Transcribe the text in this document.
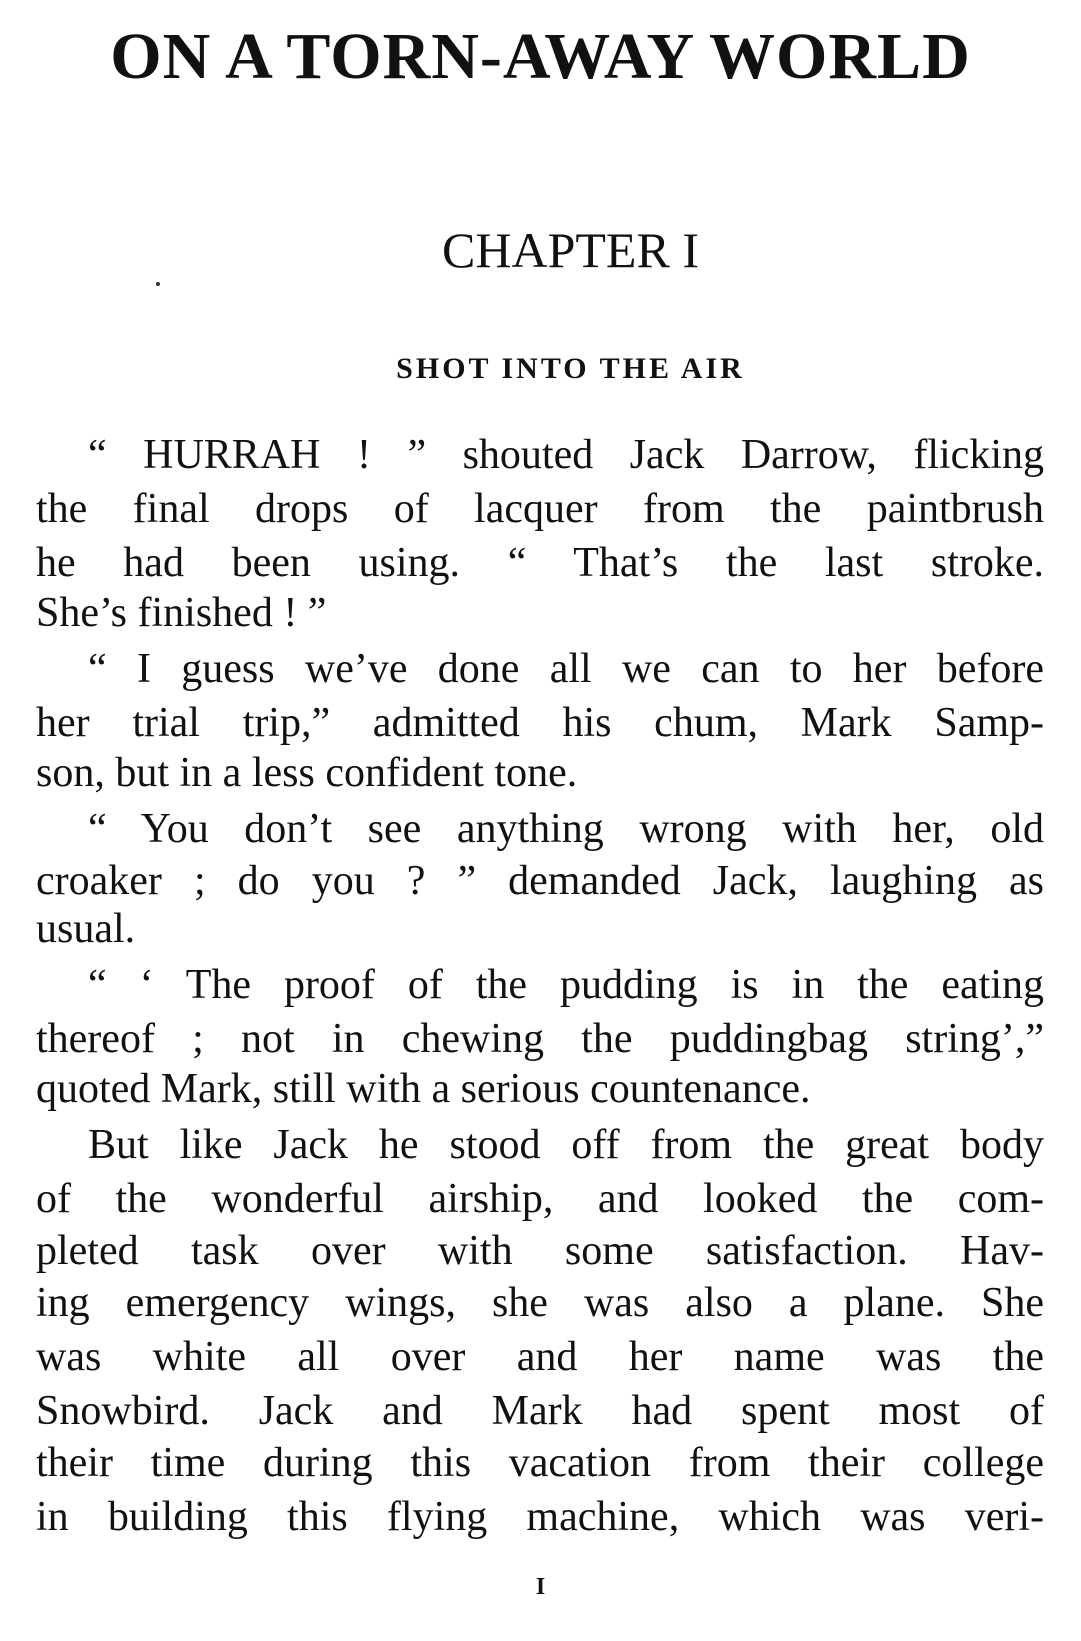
ON A TORN-AWAY WORLD
CHAPTER I
SHOT INTO THE AIR
“ HURRAH ! ” shouted Jack Darrow, flicking
the final drops of lacquer from the paintbrush
he had been using. “ That’s the last stroke.
She’s finished ! ”
“ I guess we’ve done all we can to her before
her trial trip,” admitted his chum, Mark Samp-
son, but in a less confident tone.
“ You don’t see anything wrong with her, old
croaker ; do you ? ” demanded Jack, laughing as
usual.
“ ‘ The proof of the pudding is in the eating
thereof ; not in chewing the puddingbag string’,”
quoted Mark, still with a serious countenance.
But like Jack he stood off from the great body
of the wonderful airship, and looked the com-
pleted task over with some satisfaction. Hav-
ing emergency wings, she was also a plane. She
was white all over and her name was the
Snowbird. Jack and Mark had spent most of
their time during this vacation from their college
in building this flying machine, which was veri-
I
